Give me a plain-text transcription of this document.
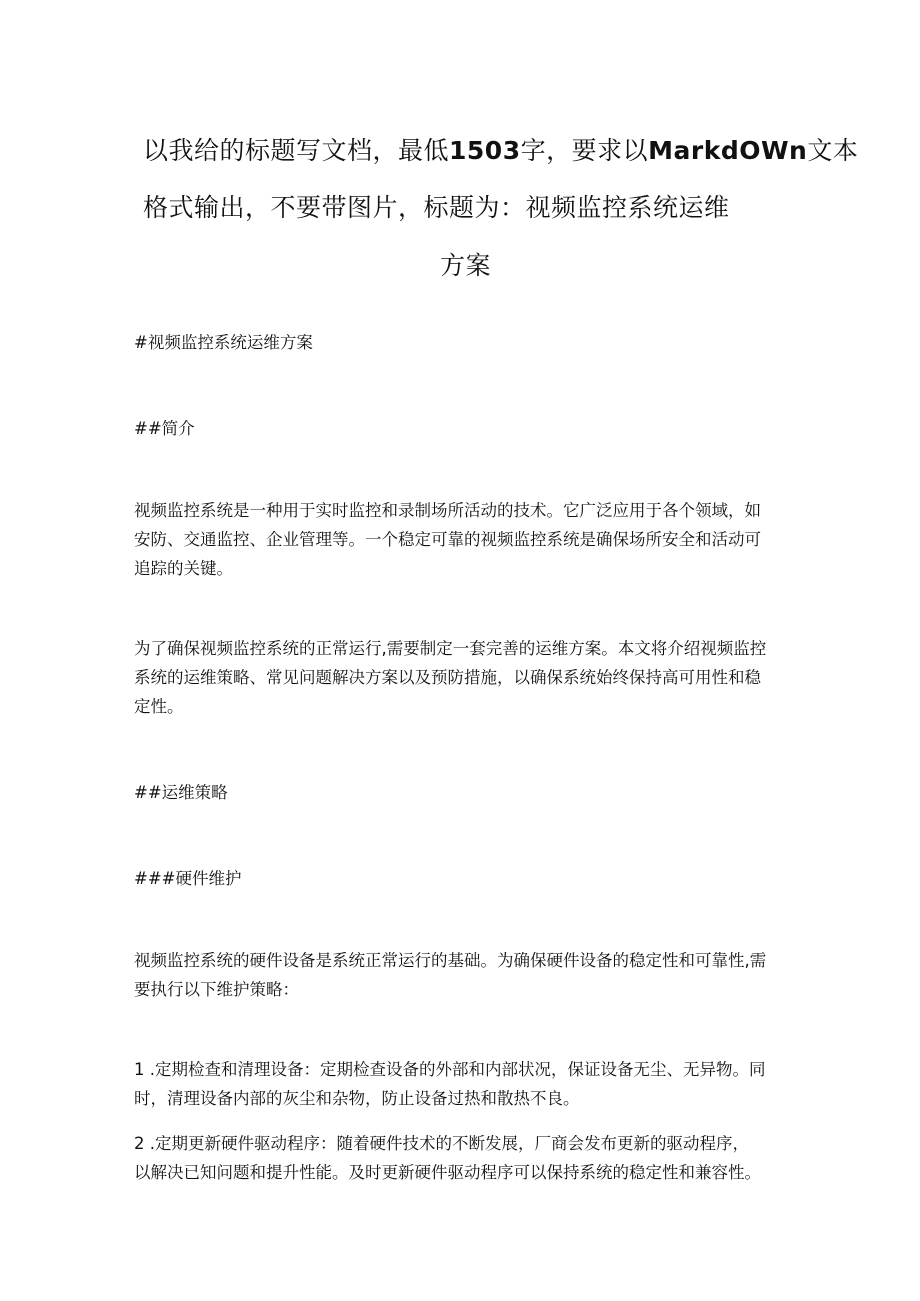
以我给的标题写文档，最低1503字，要求以MarkdOWn文本
格式输出，不要带图片，标题为：视频监控系统运维
方案
#视频监控系统运维方案
##简介
视频监控系统是一种用于实时监控和录制场所活动的技术。它广泛应用于各个领域，如
安防、交通监控、企业管理等。一个稳定可靠的视频监控系统是确保场所安全和活动可
追踪的关键。
为了确保视频监控系统的正常运行,需要制定一套完善的运维方案。本文将介绍视频监控
系统的运维策略、常见问题解决方案以及预防措施，以确保系统始终保持高可用性和稳
定性。
##运维策略
###硬件维护
视频监控系统的硬件设备是系统正常运行的基础。为确保硬件设备的稳定性和可靠性,需
要执行以下维护策略：
1 .定期检查和清理设备：定期检查设备的外部和内部状况，保证设备无尘、无异物。同
时，清理设备内部的灰尘和杂物，防止设备过热和散热不良。
2 .定期更新硬件驱动程序：随着硬件技术的不断发展，厂商会发布更新的驱动程序，
以解决已知问题和提升性能。及时更新硬件驱动程序可以保持系统的稳定性和兼容性。
